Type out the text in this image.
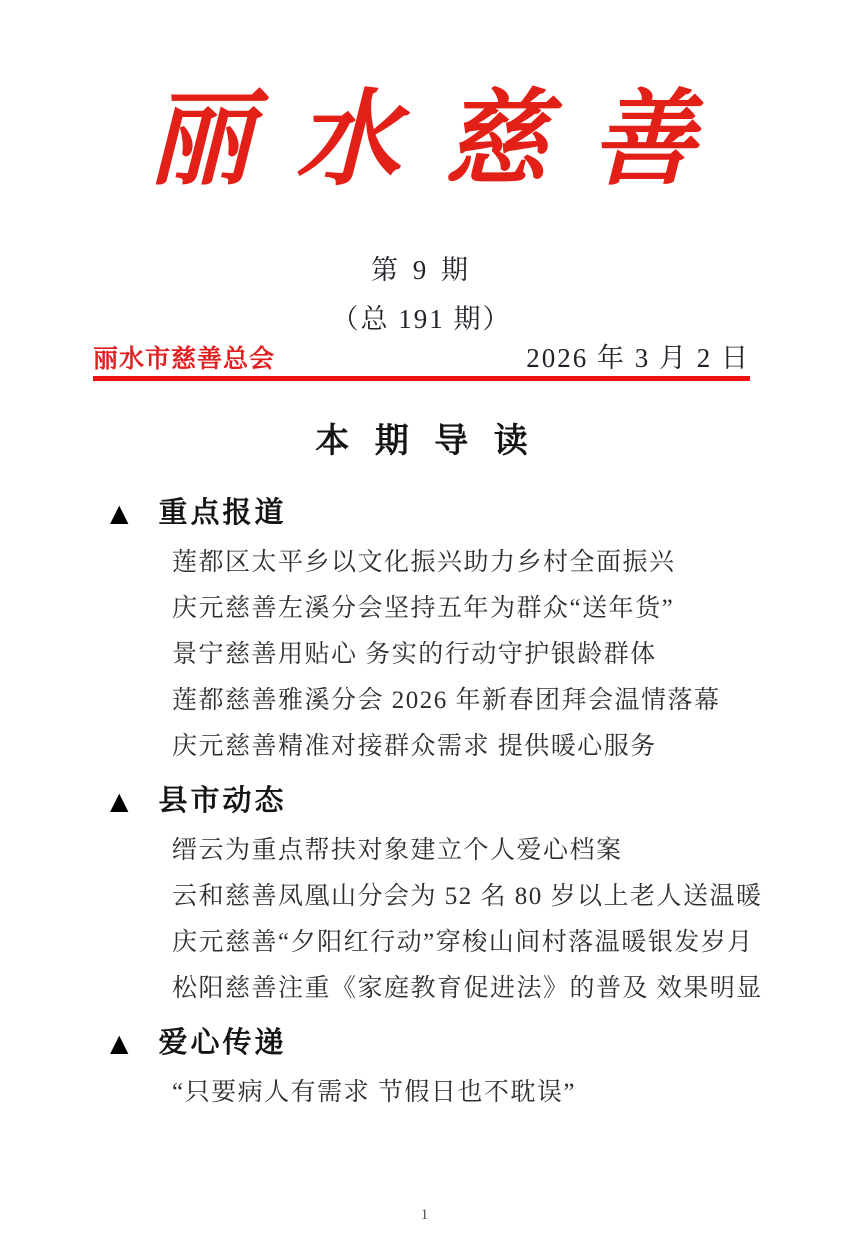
丽水慈善
第 9 期
（总 191 期）
丽水市慈善总会	2026 年 3 月 2 日
本期导读
▲ 重点报道

莲都区太平乡以文化振兴助力乡村全面振兴

庆元慈善左溪分会坚持五年为群众“送年货”

景宁慈善用贴心 务实的行动守护银龄群体

莲都慈善雅溪分会 2026 年新春团拜会温情落幕

庆元慈善精准对接群众需求 提供暖心服务

▲ 县市动态

缙云为重点帮扶对象建立个人爱心档案

云和慈善凤凰山分会为 52 名 80 岁以上老人送温暖

庆元慈善“夕阳红行动”穿梭山间村落温暖银发岁月

松阳慈善注重《家庭教育促进法》的普及 效果明显

▲ 爱心传递

“只要病人有需求 节假日也不耽误”

1
